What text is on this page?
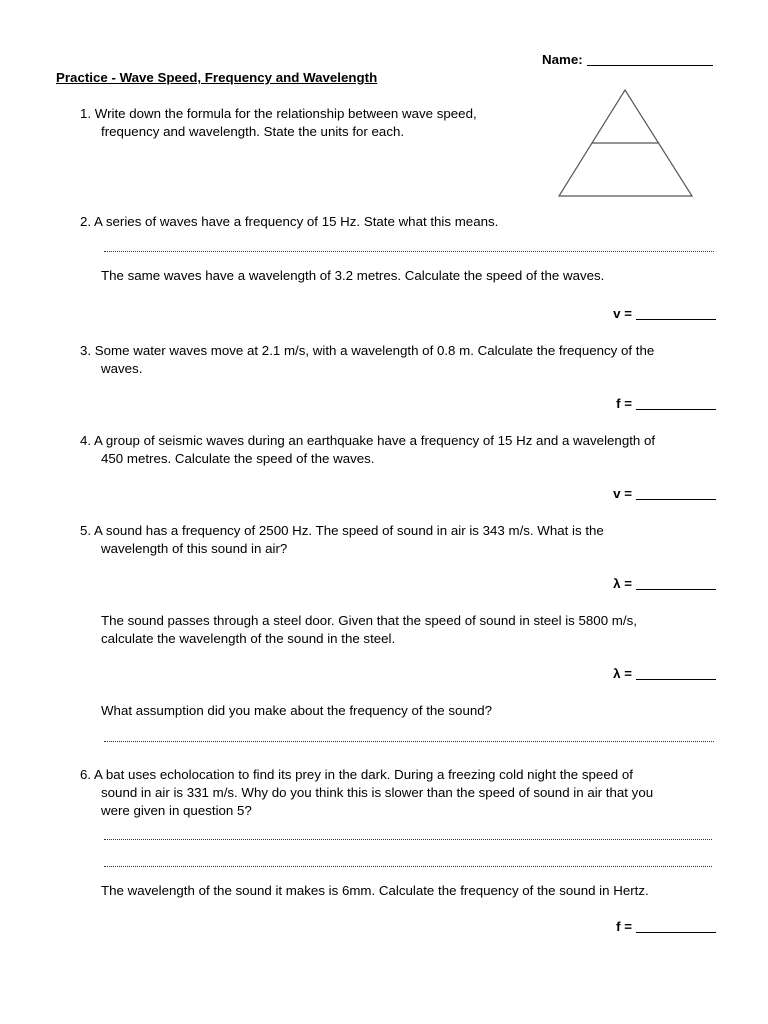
Name:
Practice - Wave Speed, Frequency and Wavelength
1. Write down the formula for the relationship between wave speed,
frequency and wavelength. State the units for each.
2. A series of waves have a frequency of 15 Hz. State what this means.
The same waves have a wavelength of 3.2 metres. Calculate the speed of the waves.
v =
3. Some water waves move at 2.1 m/s, with a wavelength of 0.8 m. Calculate the frequency of the
waves.
f =
4. A group of seismic waves during an earthquake have a frequency of 15 Hz and a wavelength of
450 metres. Calculate the speed of the waves.
v =
5. A sound has a frequency of 2500 Hz. The speed of sound in air is 343 m/s. What is the
wavelength of this sound in air?
λ =
The sound passes through a steel door. Given that the speed of sound in steel is 5800 m/s,
calculate the wavelength of the sound in the steel.
λ =
What assumption did you make about the frequency of the sound?
6. A bat uses echolocation to find its prey in the dark. During a freezing cold night the speed of
sound in air is 331 m/s. Why do you think this is slower than the speed of sound in air that you
were given in question 5?
The wavelength of the sound it makes is 6mm. Calculate the frequency of the sound in Hertz.
f =
